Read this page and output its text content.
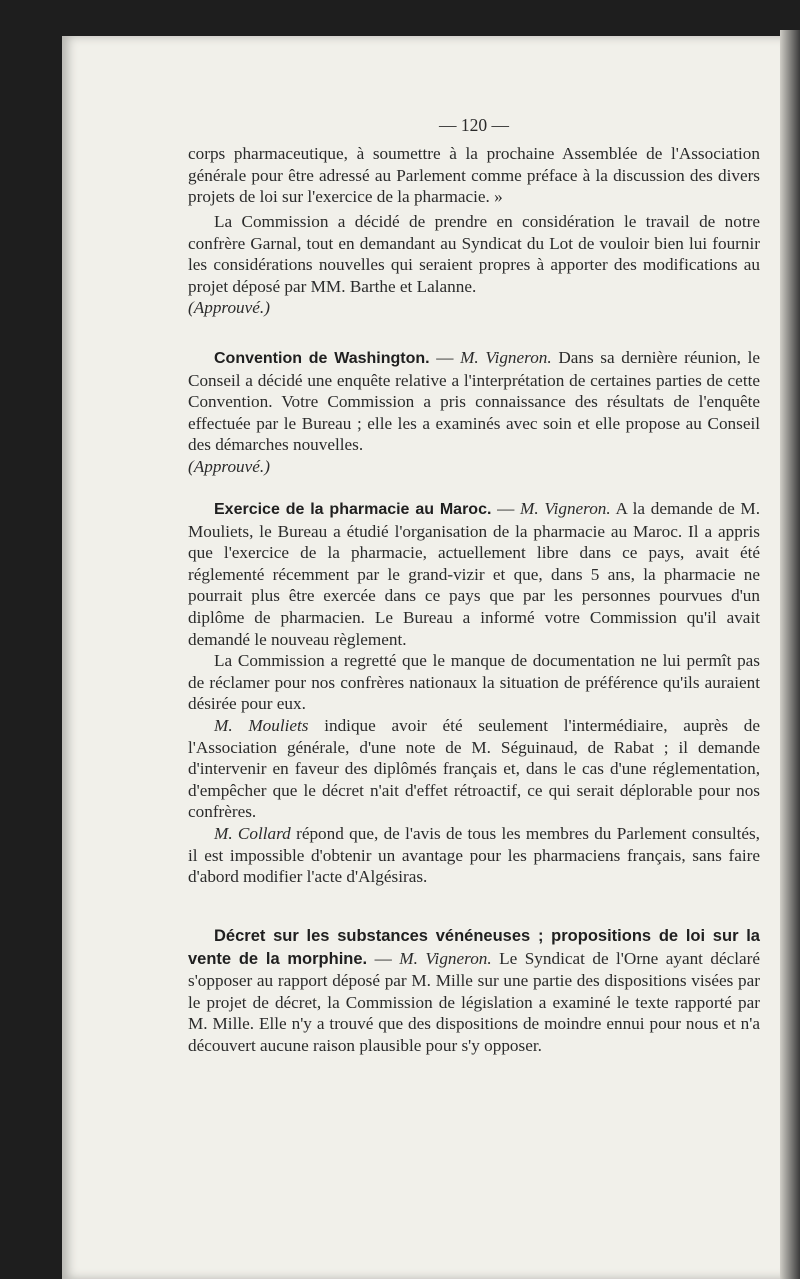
— 120 —

corps pharmaceutique, à soumettre à la prochaine Assemblée de l'Association générale pour être adressé au Parlement comme préface à la discussion des divers projets de loi sur l'exercice de la pharmacie. »

La Commission a décidé de prendre en considération le travail de notre confrère Garnal, tout en demandant au Syndicat du Lot de vouloir bien lui fournir les considérations nouvelles qui seraient propres à apporter des modifications au projet déposé par MM. Barthe et Lalanne.

(Approuvé.)

Convention de Washington. — M. Vigneron. Dans sa dernière réunion, le Conseil a décidé une enquête relative a l'interprétation de certaines parties de cette Convention. Votre Commission a pris connaissance des résultats de l'enquête effectuée par le Bureau ; elle les a examinés avec soin et elle propose au Conseil des démarches nouvelles.

(Approuvé.)

Exercice de la pharmacie au Maroc. — M. Vigneron. A la demande de M. Mouliets, le Bureau a étudié l'organisation de la pharmacie au Maroc. Il a appris que l'exercice de la pharmacie, actuellement libre dans ce pays, avait été réglementé récemment par le grand-vizir et que, dans 5 ans, la pharmacie ne pourrait plus être exercée dans ce pays que par les personnes pourvues d'un diplôme de pharmacien. Le Bureau a informé votre Commission qu'il avait demandé le nouveau règlement.

La Commission a regretté que le manque de documentation ne lui permît pas de réclamer pour nos confrères nationaux la situation de préférence qu'ils auraient désirée pour eux.

M. Mouliets indique avoir été seulement l'intermédiaire, auprès de l'Association générale, d'une note de M. Séguinaud, de Rabat ; il demande d'intervenir en faveur des diplômés français et, dans le cas d'une réglementation, d'empêcher que le décret n'ait d'effet rétroactif, ce qui serait déplorable pour nos confrères.

M. Collard répond que, de l'avis de tous les membres du Parlement consultés, il est impossible d'obtenir un avantage pour les pharmaciens français, sans faire d'abord modifier l'acte d'Algésiras.

Décret sur les substances vénéneuses ; propositions de loi sur la vente de la morphine. — M. Vigneron. Le Syndicat de l'Orne ayant déclaré s'opposer au rapport déposé par M. Mille sur une partie des dispositions visées par le projet de décret, la Commission de législation a examiné le texte rapporté par M. Mille. Elle n'y a trouvé que des dispositions de moindre ennui pour nous et n'a découvert aucune raison plausible pour s'y opposer.
